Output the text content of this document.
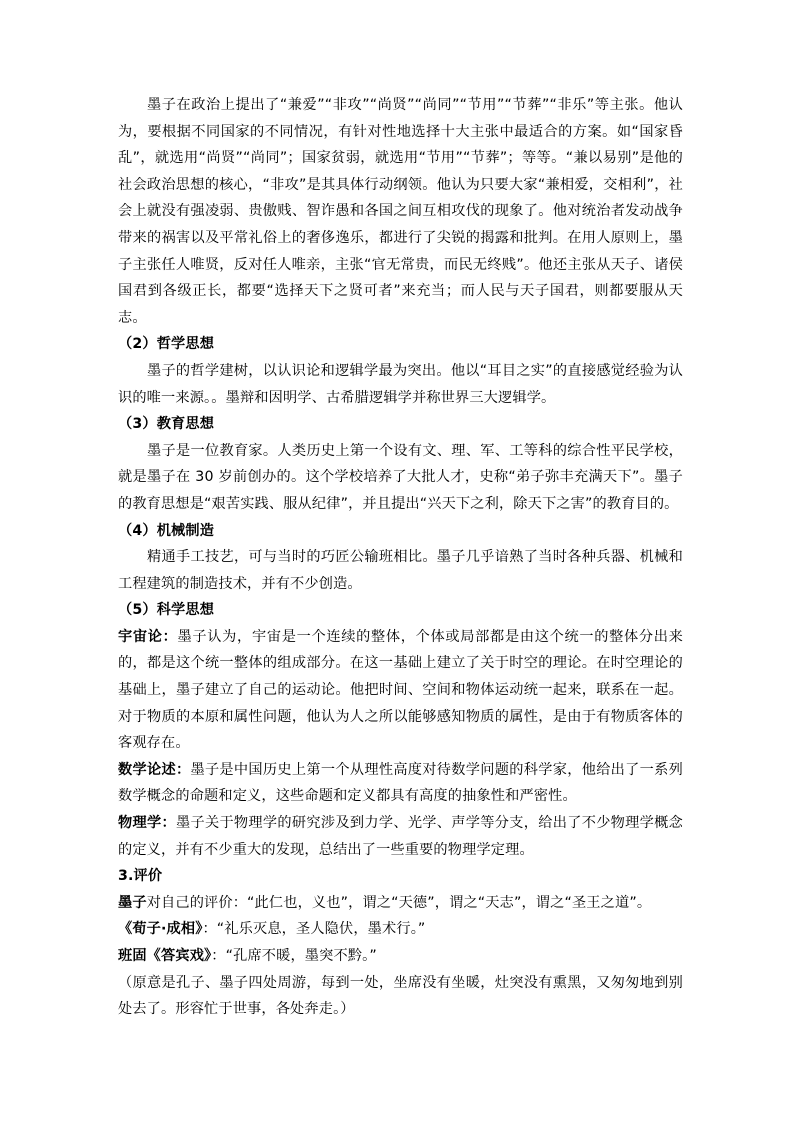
墨子在政治上提出了“兼爱”“非攻”“尚贤”“尚同”“节用”“节葬”“非乐”等主张。他认为，要根据不同国家的不同情况，有针对性地选择十大主张中最适合的方案。如“国家昏乱”，就选用“尚贤”“尚同”；国家贫弱，就选用“节用”“节葬”；等等。“兼以易别”是他的社会政治思想的核心，“非攻”是其具体行动纲领。他认为只要大家“兼相爱，交相利”，社会上就没有强凌弱、贵傲贱、智诈愚和各国之间互相攻伐的现象了。他对统治者发动战争带来的祸害以及平常礼俗上的奢侈逸乐，都进行了尖锐的揭露和批判。在用人原则上，墨子主张任人唯贤，反对任人唯亲，主张“官无常贵，而民无终贱”。他还主张从天子、诸侯国君到各级正长，都要“选择天下之贤可者”来充当；而人民与天子国君，则都要服从天志。

（2）哲学思想

墨子的哲学建树，以认识论和逻辑学最为突出。他以“耳目之实”的直接感觉经验为认识的唯一来源。。墨辩和因明学、古希腊逻辑学并称世界三大逻辑学。

（3）教育思想

墨子是一位教育家。人类历史上第一个设有文、理、军、工等科的综合性平民学校，就是墨子在 30 岁前创办的。这个学校培养了大批人才，史称“弟子弥丰充满天下”。墨子的教育思想是“艰苦实践、服从纪律”，并且提出“兴天下之利，除天下之害”的教育目的。

（4）机械制造

精通手工技艺，可与当时的巧匠公输班相比。墨子几乎谙熟了当时各种兵器、机械和工程建筑的制造技术，并有不少创造。

（5）科学思想

宇宙论：墨子认为，宇宙是一个连续的整体，个体或局部都是由这个统一的整体分出来的，都是这个统一整体的组成部分。在这一基础上建立了关于时空的理论。在时空理论的基础上，墨子建立了自己的运动论。他把时间、空间和物体运动统一起来，联系在一起。对于物质的本原和属性问题，他认为人之所以能够感知物质的属性，是由于有物质客体的客观存在。

数学论述：墨子是中国历史上第一个从理性高度对待数学问题的科学家，他给出了一系列数学概念的命题和定义，这些命题和定义都具有高度的抽象性和严密性。

物理学：墨子关于物理学的研究涉及到力学、光学、声学等分支，给出了不少物理学概念的定义，并有不少重大的发现，总结出了一些重要的物理学定理。

3.评价

墨子对自己的评价：“此仁也，义也”，谓之“天德”，谓之“天志”，谓之“圣王之道”。

《荀子·成相》：“礼乐灭息，圣人隐伏，墨术行。”

班固《答宾戏》：“孔席不暖，墨突不黔。”

（原意是孔子、墨子四处周游，每到一处，坐席没有坐暖，灶突没有熏黑，又匆匆地到别处去了。形容忙于世事，各处奔走。）
